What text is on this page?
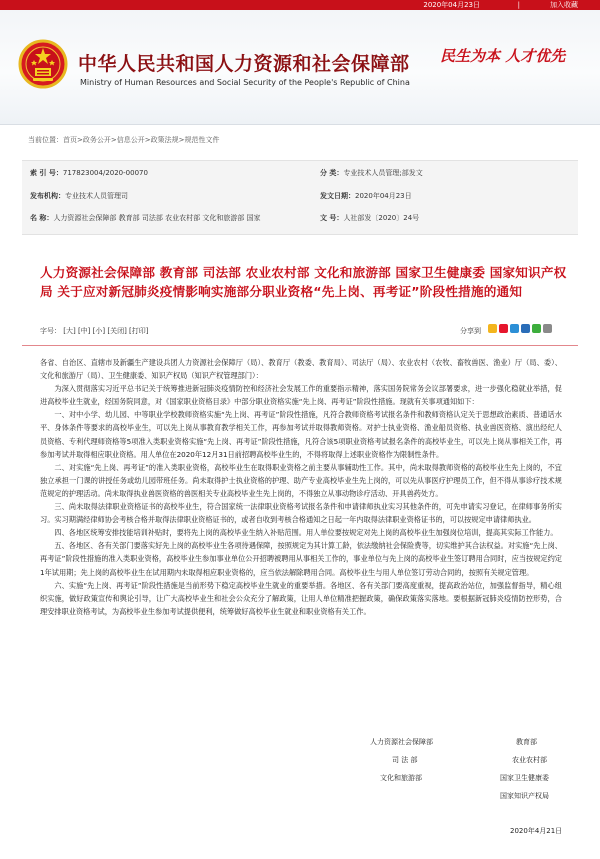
2020年04月23日	|	加入收藏
中华人民共和国人力资源和社会保障部
Ministry of Human Resources and Social Security of the People's Republic of China
民生为本 人才优先
当前位置：首页>政务公开>信息公开>政策法规>规范性文件
索 引 号：717823004/2020-00070	分 类：专业技术人员管理;部发文
发布机构：专业技术人员管理司	发文日期：2020年04月23日
名 称：人力资源社会保障部 教育部 司法部 农业农村部 文化和旅游部 国家	文 号：人社部发〔2020〕24号
人力资源社会保障部 教育部 司法部 农业农村部 文化和旅游部 国家卫生健康委 国家知识产权局 关于应对新冠肺炎疫情影响实施部分职业资格“先上岗、再考证”阶段性措施的通知
字号： [大] [中] [小] [关闭] [打印]	分享到

各省、自治区、直辖市及新疆生产建设兵团人力资源社会保障厅（局）、教育厅（教委、教育局）、司法厅（局）、农业农村（农牧、畜牧兽医、渔业）厅（局、委）、文化和旅游厅（局）、卫生健康委、知识产权局（知识产权管理部门）：

为深入贯彻落实习近平总书记关于统筹推进新冠肺炎疫情防控和经济社会发展工作的重要指示精神，落实国务院常务会议部署要求，进一步强化稳就业举措，促进高校毕业生就业，经国务院同意，对《国家职业资格目录》中部分职业资格实施“先上岗、再考证”阶段性措施。现就有关事项通知如下：

一、对中小学、幼儿园、中等职业学校教师资格实施“先上岗、再考证”阶段性措施，凡符合教师资格考试报名条件和教师资格认定关于思想政治素质、普通话水平、身体条件等要求的高校毕业生，可以先上岗从事教育教学相关工作，再参加考试并取得教师资格。对护士执业资格、渔业船员资格、执业兽医资格、演出经纪人员资格、专利代理师资格等5项准入类职业资格实施“先上岗、再考证”阶段性措施，凡符合该5项职业资格考试报名条件的高校毕业生，可以先上岗从事相关工作，再参加考试并取得相应职业资格。用人单位在2020年12月31日前招聘高校毕业生的，不得将取得上述职业资格作为限制性条件。

二、对实施“先上岗、再考证”的准入类职业资格，高校毕业生在取得职业资格之前主要从事辅助性工作。其中，尚未取得教师资格的高校毕业生先上岗的，不宜独立承担一门课的讲授任务或幼儿园带班任务。尚未取得护士执业资格的护理、助产专业高校毕业生先上岗的，可以先从事医疗护理员工作，但不得从事诊疗技术规范规定的护理活动。尚未取得执业兽医资格的兽医相关专业高校毕业生先上岗的，不得独立从事动物诊疗活动、开具兽药处方。

三、尚未取得法律职业资格证书的高校毕业生，符合国家统一法律职业资格考试报名条件和申请律师执业实习其他条件的，可先申请实习登记，在律师事务所实习。实习期满经律师协会考核合格并取得法律职业资格证书的，或者自收到考核合格通知之日起一年内取得法律职业资格证书的，可以按规定申请律师执业。

四、各地区统筹安排技能培训补贴时，要将先上岗的高校毕业生纳入补贴范围。用人单位要按规定对先上岗的高校毕业生加强岗位培训，提高其实际工作能力。

五、各地区、各有关部门要落实好先上岗的高校毕业生各项待遇保障，按照规定为其计算工龄，依法缴纳社会保险费等，切实维护其合法权益。对实施“先上岗、再考证”阶段性措施的准入类职业资格，高校毕业生参加事业单位公开招聘被聘用从事相关工作的，事业单位与先上岗的高校毕业生签订聘用合同时，应当按规定约定1年试用期；先上岗的高校毕业生在试用期内未取得相应职业资格的，应当依法解除聘用合同。高校毕业生与用人单位签订劳动合同的，按照有关规定管理。

六、实施“先上岗、再考证”阶段性措施是当前形势下稳定高校毕业生就业的重要举措。各地区、各有关部门要高度重视，提高政治站位，加强监督指导，精心组织实施，做好政策宣传和舆论引导，让广大高校毕业生和社会公众充分了解政策，让用人单位精准把握政策，确保政策落实落地。要根据新冠肺炎疫情防控形势，合理安排职业资格考试，为高校毕业生参加考试提供便利，统筹做好高校毕业生就业和职业资格有关工作。

人力资源社会保障部	教育部
司 法 部	农业农村部
文化和旅游部	国家卫生健康委
国家知识产权局
2020年4月21日
